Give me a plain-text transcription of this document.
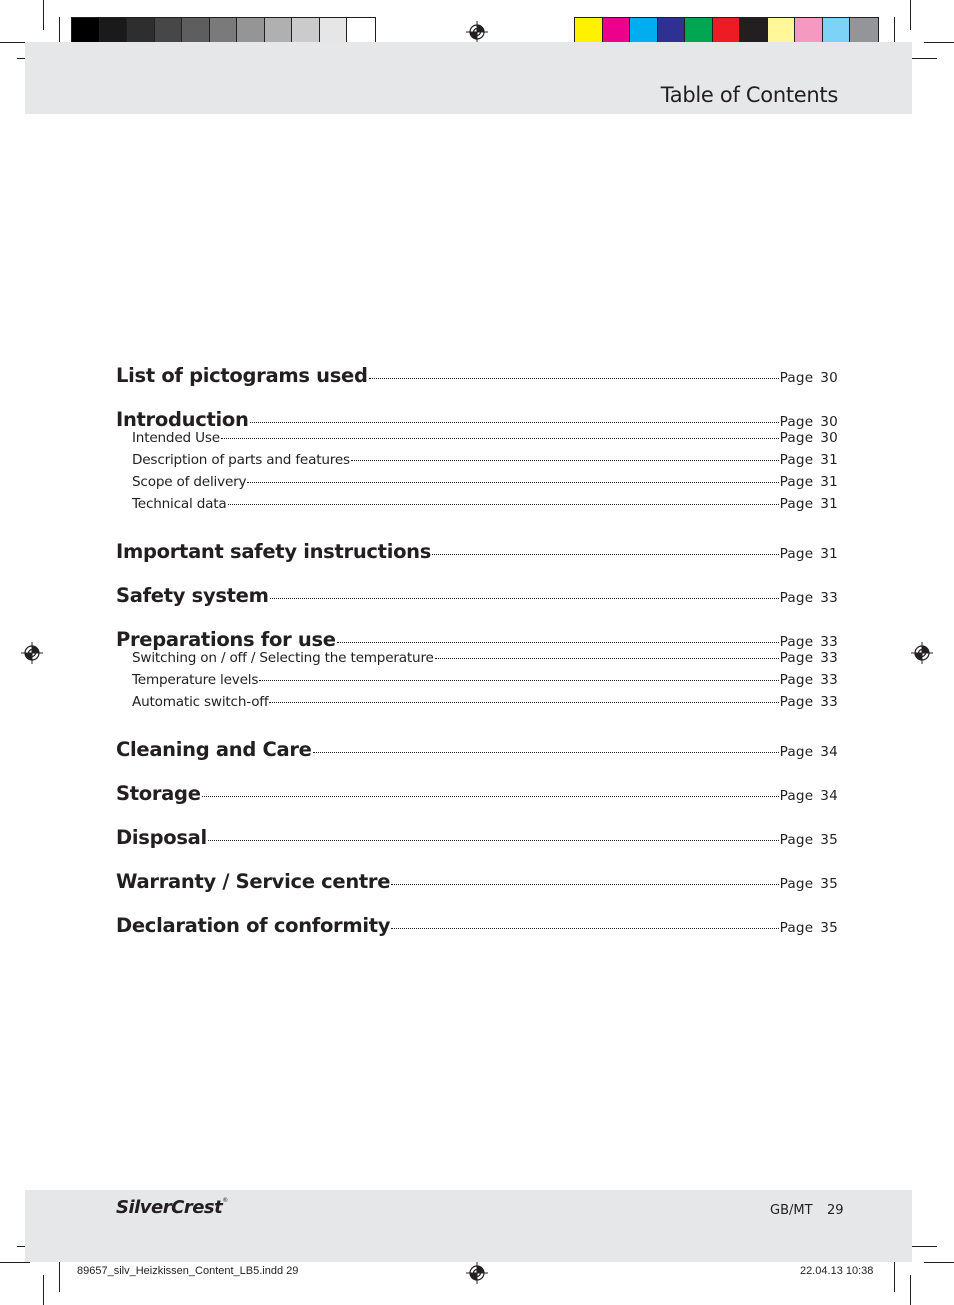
Table of Contents
List of pictograms used	Page 30
Introduction	Page 30
Intended Use	Page 30
Description of parts and features	Page 31
Scope of delivery	Page 31
Technical data	Page 31
Important safety instructions	Page 31
Safety system	Page 33
Preparations for use	Page 33
Switching on / off / Selecting the temperature	Page 33
Temperature levels	Page 33
Automatic switch-off	Page 33
Cleaning and Care	Page 34
Storage	Page 34
Disposal	Page 35
Warranty / Service centre	Page 35
Declaration of conformity	Page 35
SilverCrest®
GB/MT 29
89657_silv_Heizkissen_Content_LB5.indd 29	22.04.13 10:38
